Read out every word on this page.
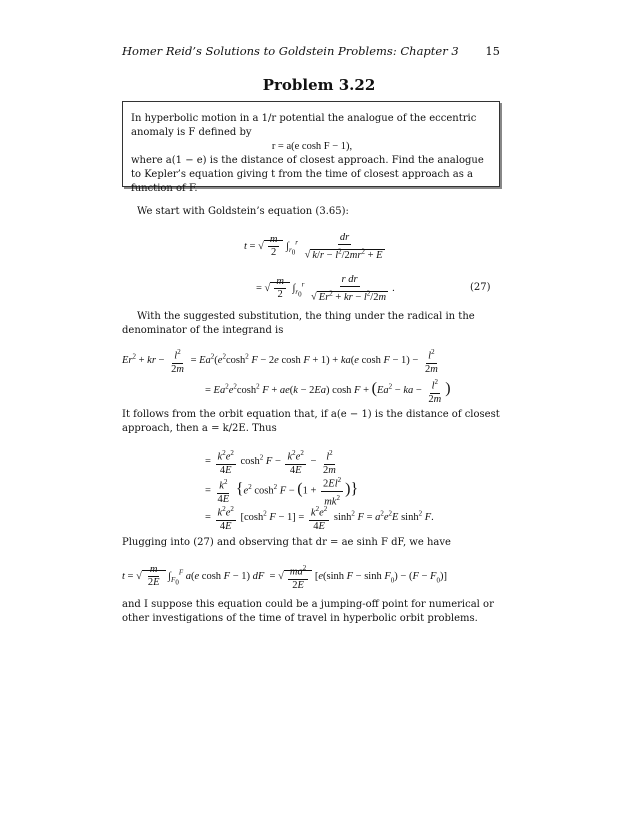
Homer Reid’s Solutions to Goldstein Problems: Chapter 3 15
Problem 3.22
In hyperbolic motion in a 1/r potential the analogue of the eccentric anomaly is F defined by
r = a(e cosh F − 1),
where a(1 − e) is the distance of closest approach. Find the analogue to Kepler’s equation giving t from the time of closest approach as a function of F.
We start with Goldstein’s equation (3.65):
t = √ $\frac{m}{2} \int_{r_0}^r \frac{dr}{√ k/r - l^2/2mr^2 + E}$
= √ $\frac{m}{2} \int_{r_0}^r \frac{\text{r dr}}{√ Er^2 + kr - l^2/2m}$ .	(27)
With the suggested substitution, the thing under the radical in the denominator of the integrand is
$Er^2$ + kr − $\frac{l^2}{2m} = Ea^2(e^2\cosh^2$ F − 2e cosh F + 1) + ka(e $\cosh F - 1) - \frac{l^2}{2m}$
= $Ea^2e^2\cosh^2$ F + ae(k − 2Ea) $\cosh F + (Ea^2$ − ka − $\frac{l^2}{2m}$ )
It follows from the orbit equation that, if a(e − 1) is the distance of closest approach, then a = k/2E. Thus
= $\frac{k^2e^2}{4E} \cosh^2 F - \frac{k^2e^2}{4E} - \frac{l^2}{2m}$
= $\frac{k^2}{4E} \{e^2$ $\cosh^2 F - (1 + \frac{2El^2}{mk^2}$ )}
= $\frac{k^2e^2}{4E} [\cosh^2$ $F - 1] = \frac{k^2e^2}{4E} \sinh^2 F = a^2e^2E$ $\sinh^2 F$.
Plugging into (27) and observing that dr = ae sinh F dF, we have
t = √ $\frac{m}{2E} \int_{F_0}^F$ a(e cosh F − 1) dF  = √ $\frac{ma^2}{2E} [e(\sinh$ $F - \sinh F_0) - (F - F_0)$]
and I suppose this equation could be a jumping-off point for numerical or other investigations of the time of travel in hyperbolic orbit problems.
